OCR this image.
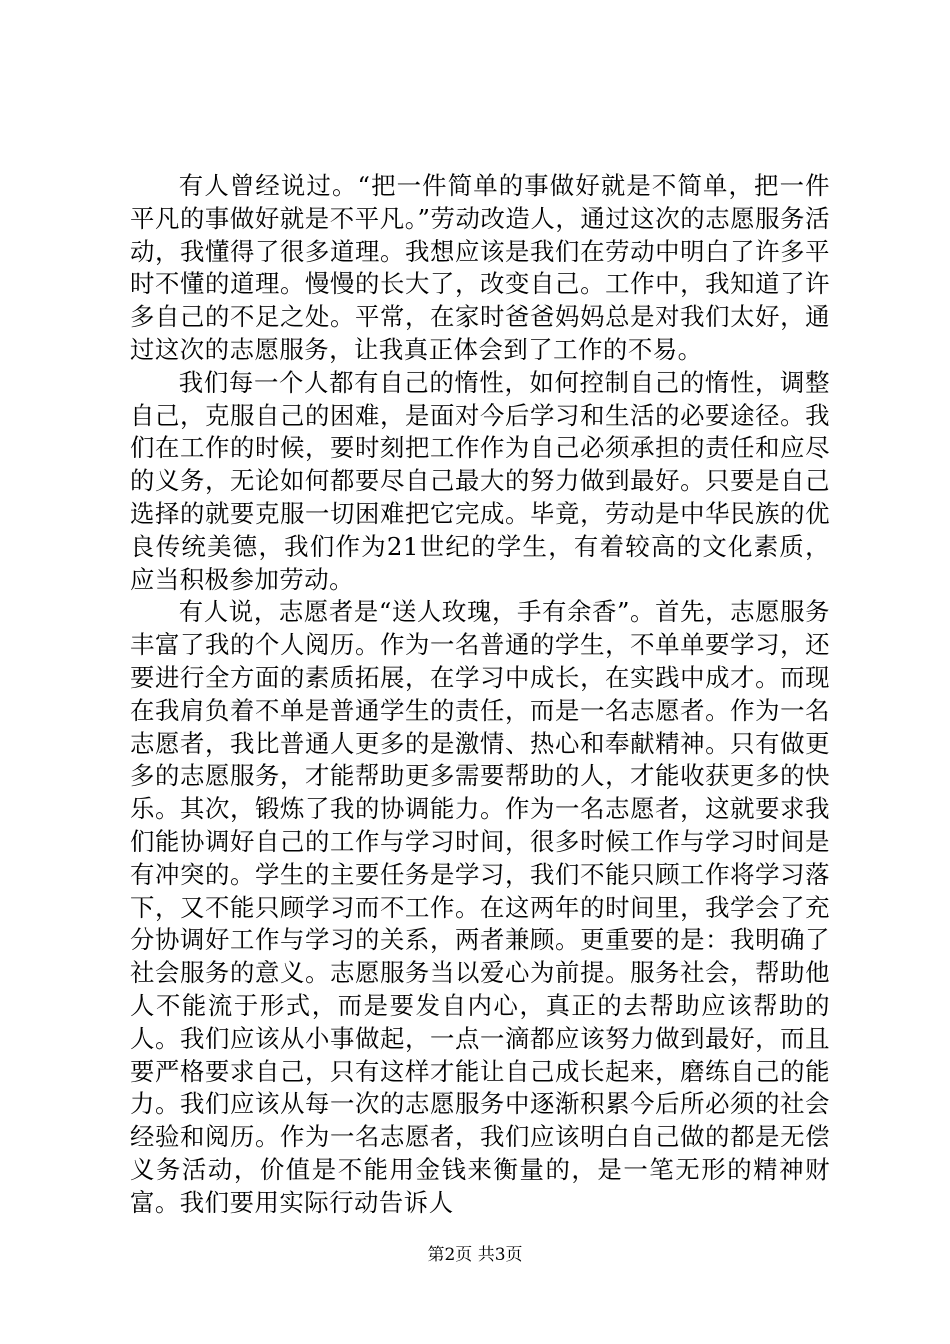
有人曾经说过。“把一件简单的事做好就是不简单，把一件平凡的事做好就是不平凡。”劳动改造人，通过这次的志愿服务活动，我懂得了很多道理。我想应该是我们在劳动中明白了许多平时不懂的道理。慢慢的长大了，改变自己。工作中，我知道了许多自己的不足之处。平常，在家时爸爸妈妈总是对我们太好，通过这次的志愿服务，让我真正体会到了工作的不易。

我们每一个人都有自己的惰性，如何控制自己的惰性，调整自己，克服自己的困难，是面对今后学习和生活的必要途径。我们在工作的时候，要时刻把工作作为自己必须承担的责任和应尽的义务，无论如何都要尽自己最大的努力做到最好。只要是自己选择的就要克服一切困难把它完成。毕竟，劳动是中华民族的优良传统美德，我们作为21世纪的学生，有着较高的文化素质，应当积极参加劳动。

有人说，志愿者是“送人玫瑰，手有余香”。首先，志愿服务丰富了我的个人阅历。作为一名普通的学生，不单单要学习，还要进行全方面的素质拓展，在学习中成长，在实践中成才。而现在我肩负着不单是普通学生的责任，而是一名志愿者。作为一名志愿者，我比普通人更多的是激情、热心和奉献精神。只有做更多的志愿服务，才能帮助更多需要帮助的人，才能收获更多的快乐。其次，锻炼了我的协调能力。作为一名志愿者，这就要求我们能协调好自己的工作与学习时间，很多时候工作与学习时间是有冲突的。学生的主要任务是学习，我们不能只顾工作将学习落下，又不能只顾学习而不工作。在这两年的时间里，我学会了充分协调好工作与学习的关系，两者兼顾。更重要的是：我明确了社会服务的意义。志愿服务当以爱心为前提。服务社会，帮助他人不能流于形式，而是要发自内心，真正的去帮助应该帮助的人。我们应该从小事做起，一点一滴都应该努力做到最好，而且要严格要求自己，只有这样才能让自己成长起来，磨练自己的能力。我们应该从每一次的志愿服务中逐渐积累今后所必须的社会经验和阅历。作为一名志愿者，我们应该明白自己做的都是无偿义务活动，价值是不能用金钱来衡量的，是一笔无形的精神财富。我们要用实际行动告诉人

第2页 共3页
